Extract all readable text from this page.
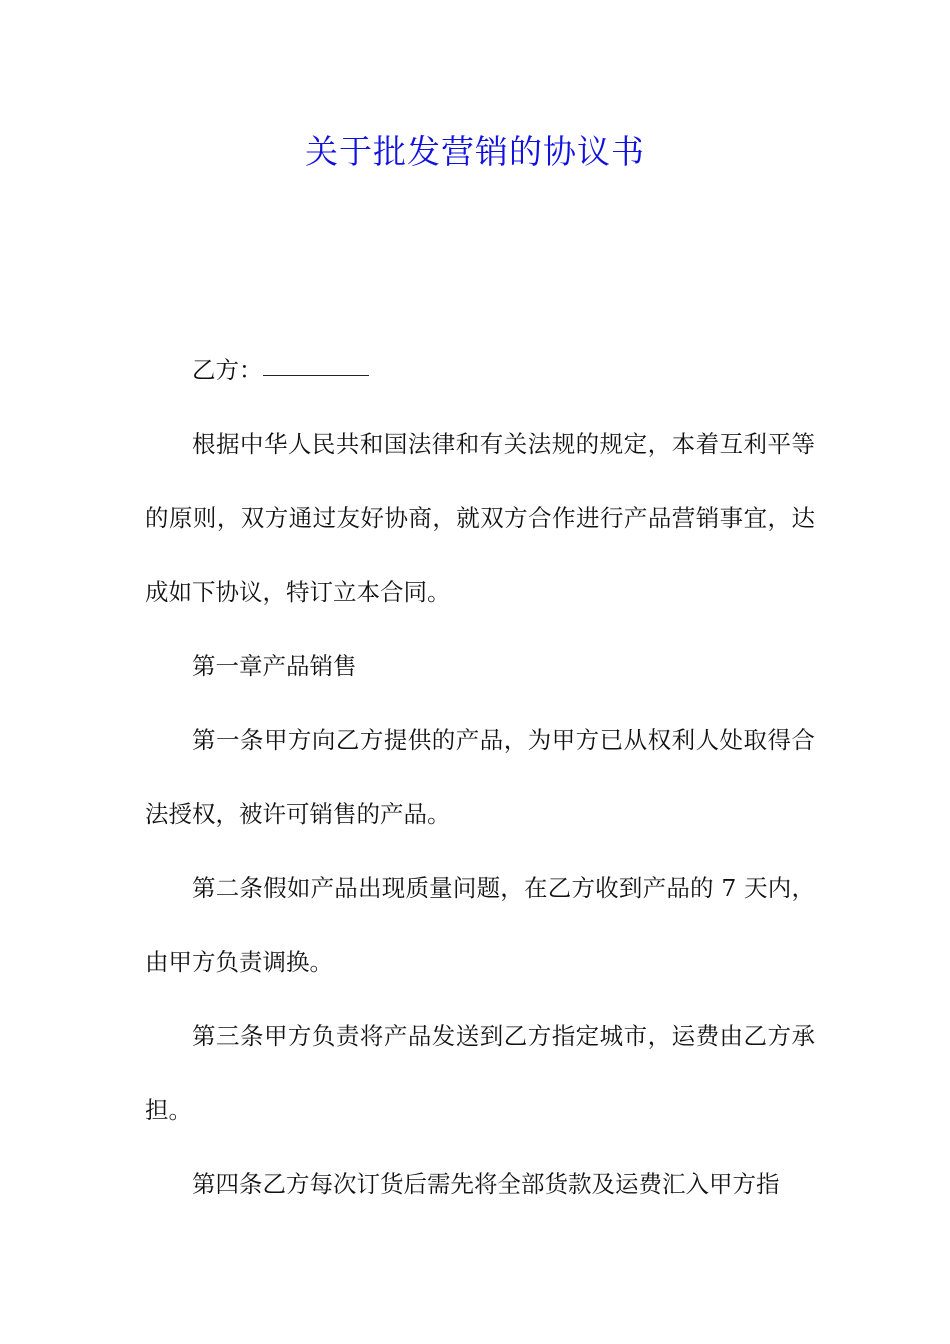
关于批发营销的协议书
乙方：

根据中华人民共和国法律和有关法规的规定，本着互利平等的原则，双方通过友好协商，就双方合作进行产品营销事宜，达成如下协议，特订立本合同。

第一章产品销售

第一条甲方向乙方提供的产品，为甲方已从权利人处取得合法授权，被许可销售的产品。

第二条假如产品出现质量问题，在乙方收到产品的 7 天内，由甲方负责调换。

第三条甲方负责将产品发送到乙方指定城市，运费由乙方承担。

第四条乙方每次订货后需先将全部货款及运费汇入甲方指
